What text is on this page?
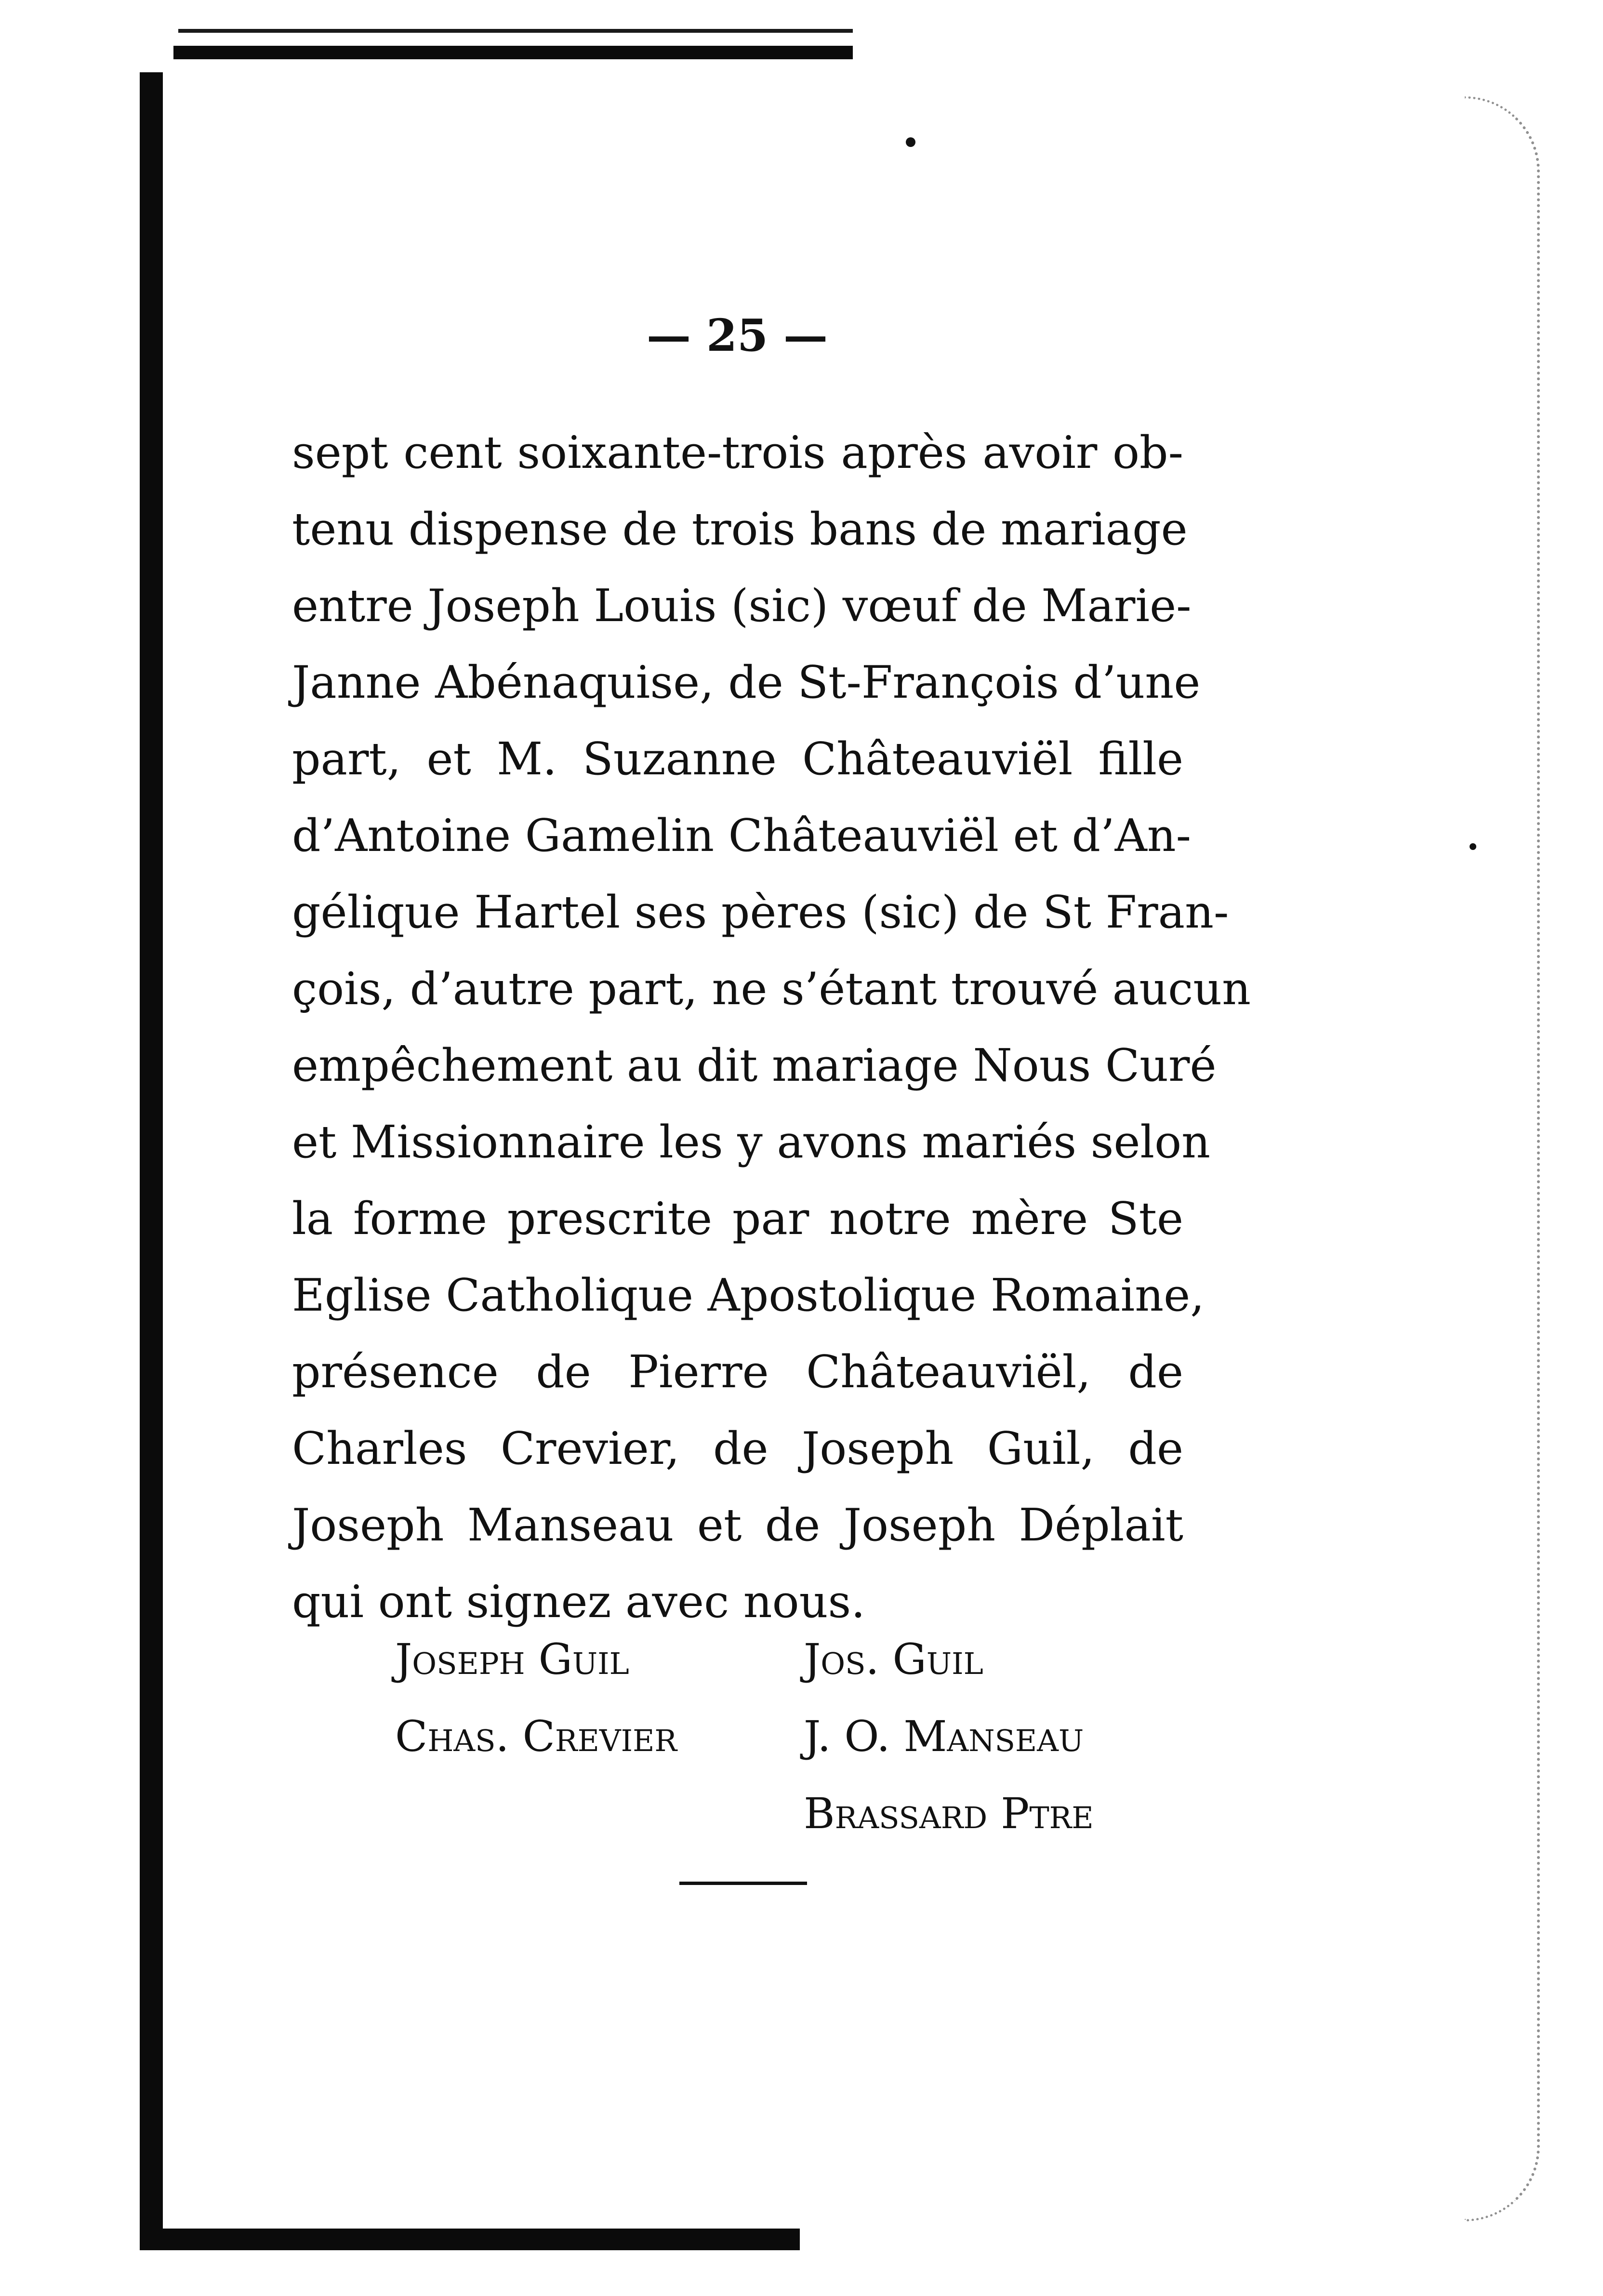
— 25 —
sept cent soixante-trois après avoir ob-
tenu dispense de trois bans de mariage
entre Joseph Louis (sic) vœuf de Marie-
Janne Abénaquise, de St-François d’une
part, et M. Suzanne Châteauviël fille
d’Antoine Gamelin Châteauviël et d’An-
gélique Hartel ses pères (sic) de St Fran-
çois, d’autre part, ne s’étant trouvé aucun
empêchement au dit mariage Nous Curé
et Missionnaire les y avons mariés selon
la forme prescrite par notre mère Ste
Eglise Catholique Apostolique Romaine,
présence de Pierre Châteauviël, de
Charles Crevier, de Joseph Guil, de
Joseph Manseau et de Joseph Déplait
qui ont signez avec nous.
Joseph Guil	Jos. Guil
Chas. Crevier	J. O. Manseau
Brassard Ptre
